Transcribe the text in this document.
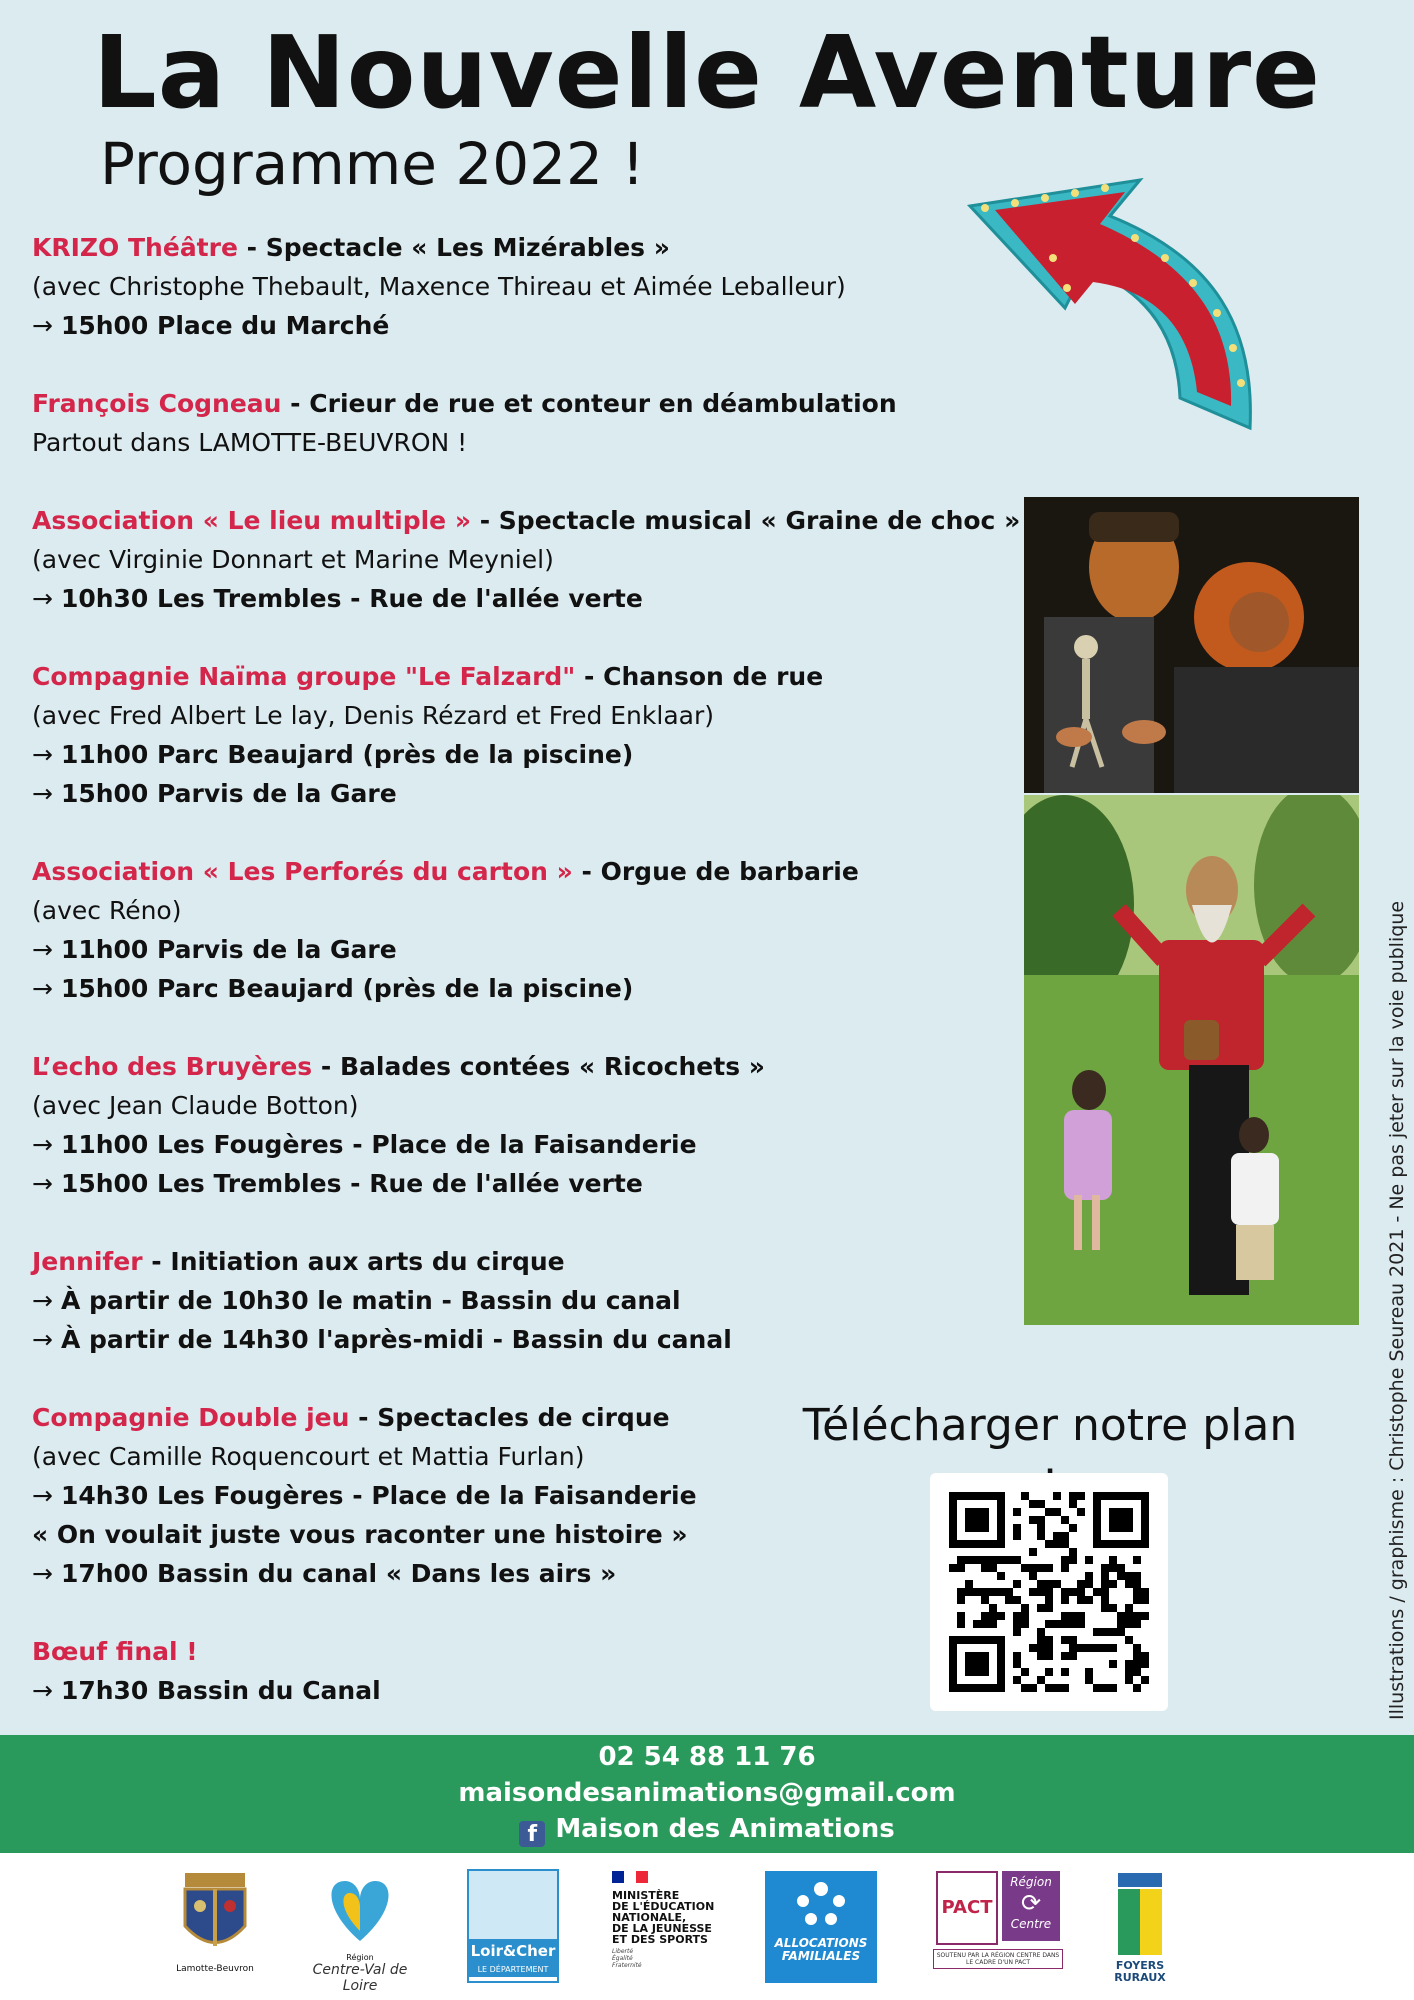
La Nouvelle Aventure
Programme 2022 !
KRIZO Théâtre - Spectacle « Les Mizérables »
(avec Christophe Thebault, Maxence Thireau et Aimée Leballeur)
→ 15h00 Place du Marché
François Cogneau - Crieur de rue et conteur en déambulation
Partout dans LAMOTTE-BEUVRON !
Association « Le lieu multiple » - Spectacle musical « Graine de choc »
(avec Virginie Donnart et Marine Meyniel)
→ 10h30 Les Trembles - Rue de l'allée verte
Compagnie Naïma groupe "Le Falzard" - Chanson de rue
(avec Fred Albert Le lay, Denis Rézard et Fred Enklaar)
→ 11h00 Parc Beaujard (près de la piscine)
→ 15h00 Parvis de la Gare
Association « Les Perforés du carton » - Orgue de barbarie
(avec Réno)
→ 11h00 Parvis de la Gare
→ 15h00 Parc Beaujard (près de la piscine)
L’echo des Bruyères - Balades contées « Ricochets »
(avec Jean Claude Botton)
→ 11h00 Les Fougères - Place de la Faisanderie
→ 15h00 Les Trembles - Rue de l'allée verte
Jennifer - Initiation aux arts du cirque
→ À partir de 10h30 le matin - Bassin du canal
→ À partir de 14h30 l'après-midi - Bassin du canal
Compagnie Double jeu - Spectacles de cirque
(avec Camille Roquencourt et Mattia Furlan)
→ 14h30 Les Fougères - Place de la Faisanderie
« On voulait juste vous raconter une histoire »
→ 17h00 Bassin du canal « Dans les airs »
Bœuf final !
→ 17h30 Bassin du Canal
Télécharger notre plan	Illustrations / graphisme : Christophe Seureau 2021 - Ne pas jeter sur la voie publique
02 54 88 11 76
maisondesanimations@gmail.com
f Maison des Animations
Lamotte-Beuvron
Région
Centre-Val de Loire
Loir&Cher
LE DÉPARTEMENT
MINISTÈRE
DE L'ÉDUCATION
NATIONALE,
DE LA JEUNESSE
ET DES SPORTS
Liberté
Égalité
Fraternité
ALLOCATIONS
FAMILIALES
PACT
Région
⟳
Centre
SOUTENU PAR LA RÉGION CENTRE DANS LE CADRE D'UN PACT	FOYERS
RURAUX
